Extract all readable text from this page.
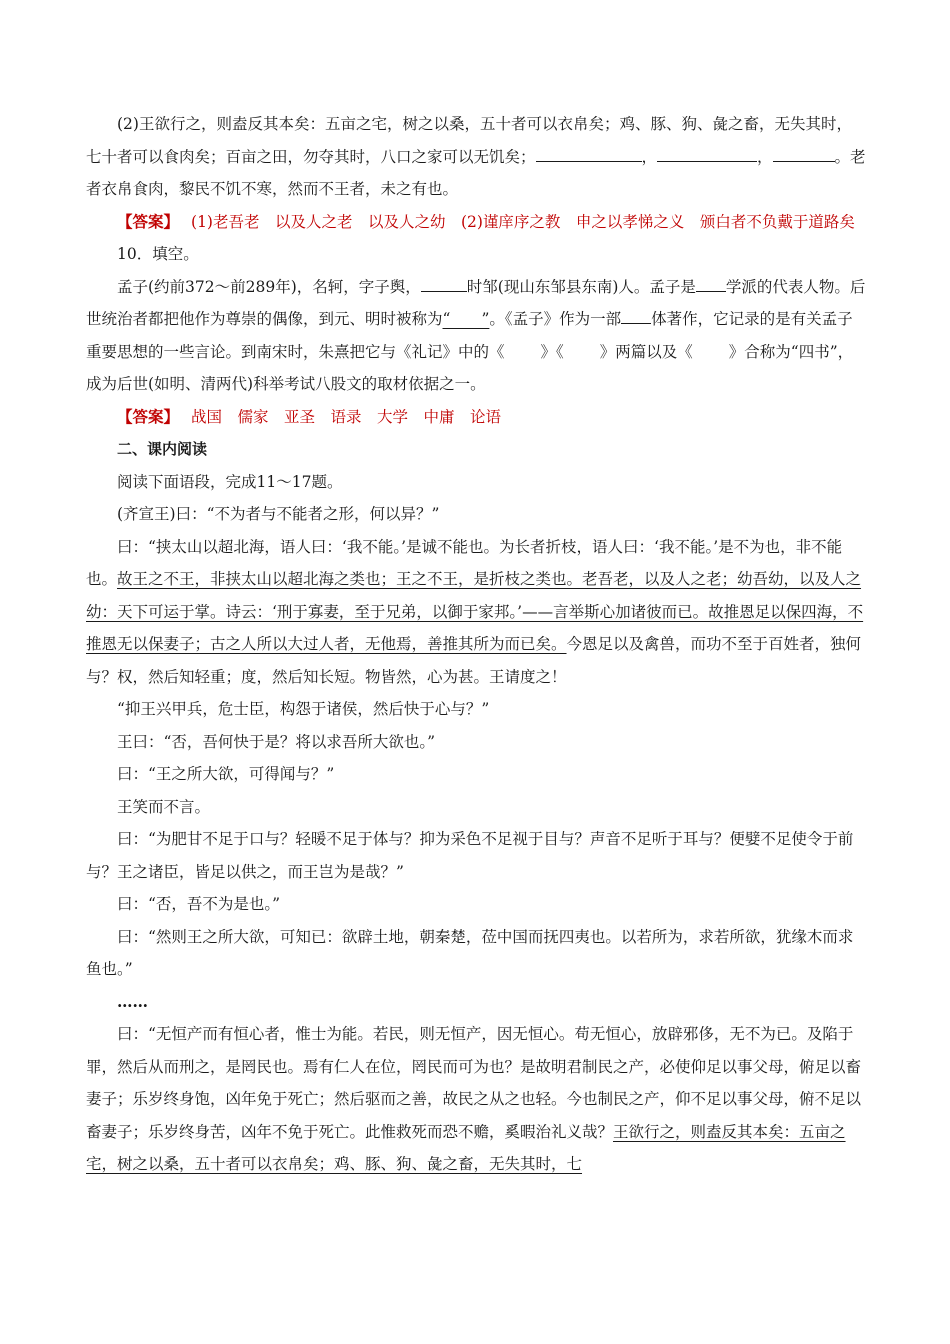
(2)王欲行之，则盍反其本矣：五亩之宅，树之以桑，五十者可以衣帛矣；鸡、豚、狗、彘之畜，无失其时，七十者可以食肉矣；百亩之田，勿夺其时，八口之家可以无饥矣；	，	，	。老者衣帛食肉，黎民不饥不寒，然而不王者，未之有也。

【答案】 (1)老吾老　以及人之老　以及人之幼　(2)谨庠序之教　申之以孝悌之义　颁白者不负戴于道路矣

10．填空。

孟子(约前372～前289年)，名轲，字子舆，	时邹(现山东邹县东南)人。孟子是 学派的代表人物。后世统治者都把他作为尊崇的偶像，到元、明时被称为“　　”。《孟子》作为一部 体著作，它记录的是有关孟子重要思想的一些言论。到南宋时，朱熹把它与《礼记》中的《 》《 》两篇以及《 》合称为“四书”，成为后世(如明、清两代)科举考试八股文的取材依据之一。

【答案】 战国　儒家　亚圣　语录　大学　中庸　论语

二、课内阅读

阅读下面语段，完成11～17题。

(齐宣王)曰：“不为者与不能者之形，何以异？”

曰：“挟太山以超北海，语人曰：‘我不能。’是诚不能也。为长者折枝，语人曰：‘我不能。’是不为也，非不能也。故王之不王，非挟太山以超北海之类也；王之不王，是折枝之类也。老吾老，以及人之老；幼吾幼，以及人之幼：天下可运于掌。诗云：‘刑于寡妻，至于兄弟，以御于家邦。’——言举斯心加诸彼而已。故推恩足以保四海，不推恩无以保妻子；古之人所以大过人者，无他焉，善推其所为而已矣。今恩足以及禽兽，而功不至于百姓者，独何与？权，然后知轻重；度，然后知长短。物皆然，心为甚。王请度之！

“抑王兴甲兵，危士臣，构怨于诸侯，然后快于心与？”

王曰：“否，吾何快于是？将以求吾所大欲也。”

曰：“王之所大欲，可得闻与？”

王笑而不言。

曰：“为肥甘不足于口与？轻暖不足于体与？抑为采色不足视于目与？声音不足听于耳与？便嬖不足使令于前与？王之诸臣，皆足以供之，而王岂为是哉？”

曰：“否，吾不为是也。”

曰：“然则王之所大欲，可知已：欲辟土地，朝秦楚，莅中国而抚四夷也。以若所为，求若所欲，犹缘木而求鱼也。”

……

曰：“无恒产而有恒心者，惟士为能。若民，则无恒产，因无恒心。苟无恒心，放辟邪侈，无不为已。及陷于罪，然后从而刑之，是罔民也。焉有仁人在位，罔民而可为也？是故明君制民之产，必使仰足以事父母，俯足以畜妻子；乐岁终身饱，凶年免于死亡；然后驱而之善，故民之从之也轻。今也制民之产，仰不足以事父母，俯不足以畜妻子；乐岁终身苦，凶年不免于死亡。此惟救死而恐不赡，奚暇治礼义哉？王欲行之，则盍反其本矣：五亩之宅，树之以桑，五十者可以衣帛矣；鸡、豚、狗、彘之畜，无失其时，七
